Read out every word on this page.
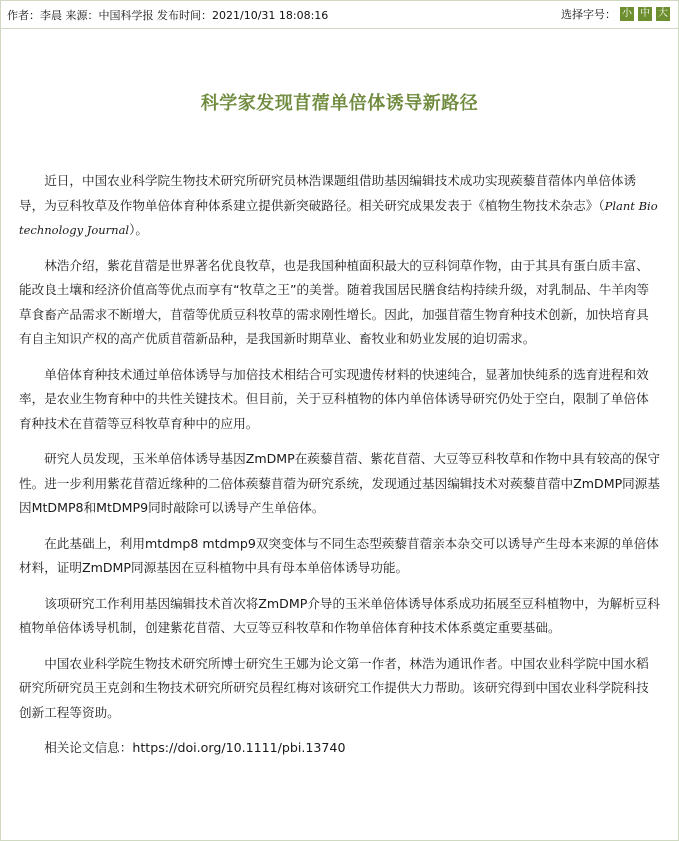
作者：李晨 来源：中国科学报 发布时间：2021/10/31 18:08:16	选择字号： 小 中 大
科学家发现苜蓿单倍体诱导新路径

近日，中国农业科学院生物技术研究所研究员林浩课题组借助基因编辑技术成功实现蒺藜苜蓿体内单倍体诱导，为豆科牧草及作物单倍体育种体系建立提供新突破路径。相关研究成果发表于《植物生物技术杂志》（Plant Biotechnology Journal）。

林浩介绍，紫花苜蓿是世界著名优良牧草，也是我国种植面积最大的豆科饲草作物，由于其具有蛋白质丰富、能改良土壤和经济价值高等优点而享有“牧草之王”的美誉。随着我国居民膳食结构持续升级，对乳制品、牛羊肉等草食畜产品需求不断增大，苜蓿等优质豆科牧草的需求刚性增长。因此，加强苜蓿生物育种技术创新，加快培育具有自主知识产权的高产优质苜蓿新品种，是我国新时期草业、畜牧业和奶业发展的迫切需求。

单倍体育种技术通过单倍体诱导与加倍技术相结合可实现遗传材料的快速纯合，显著加快纯系的选育进程和效率，是农业生物育种中的共性关键技术。但目前，关于豆科植物的体内单倍体诱导研究仍处于空白，限制了单倍体育种技术在苜蓿等豆科牧草育种中的应用。

研究人员发现，玉米单倍体诱导基因ZmDMP在蒺藜苜蓿、紫花苜蓿、大豆等豆科牧草和作物中具有较高的保守性。进一步利用紫花苜蓿近缘种的二倍体蒺藜苜蓿为研究系统，发现通过基因编辑技术对蒺藜苜蓿中ZmDMP同源基因MtDMP8和MtDMP9同时敲除可以诱导产生单倍体。

在此基础上，利用mtdmp8 mtdmp9双突变体与不同生态型蒺藜苜蓿亲本杂交可以诱导产生母本来源的单倍体材料，证明ZmDMP同源基因在豆科植物中具有母本单倍体诱导功能。

该项研究工作利用基因编辑技术首次将ZmDMP介导的玉米单倍体诱导体系成功拓展至豆科植物中，为解析豆科植物单倍体诱导机制，创建紫花苜蓿、大豆等豆科牧草和作物单倍体育种技术体系奠定重要基础。

中国农业科学院生物技术研究所博士研究生王娜为论文第一作者，林浩为通讯作者。中国农业科学院中国水稻研究所研究员王克剑和生物技术研究所研究员程红梅对该研究工作提供大力帮助。该研究得到中国农业科学院科技创新工程等资助。

相关论文信息：https://doi.org/10.1111/pbi.13740
